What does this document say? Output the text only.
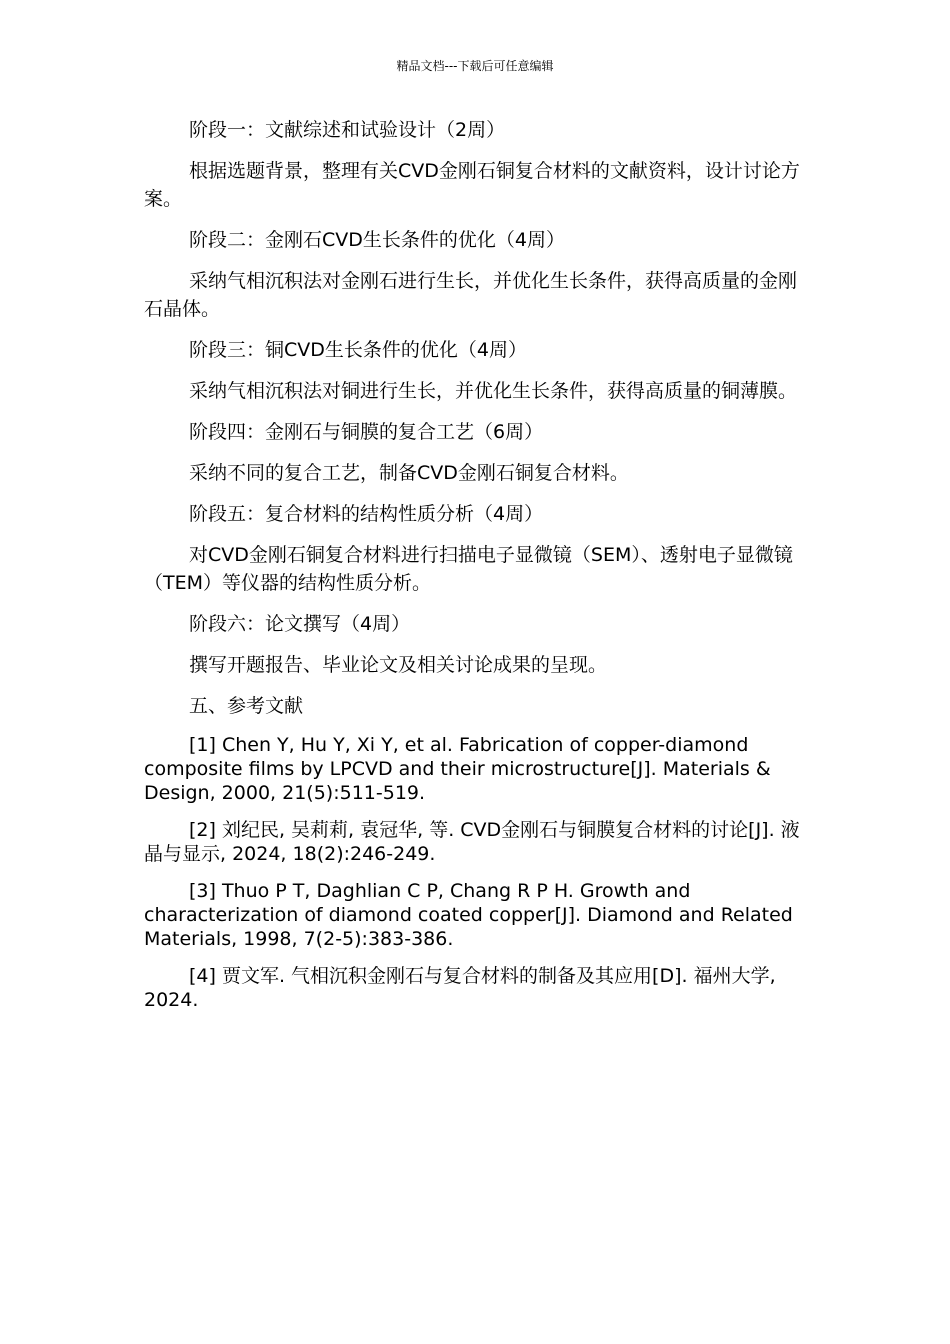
精品文档---下载后可任意编辑

阶段一：文献综述和试验设计（2周）

根据选题背景，整理有关CVD金刚石铜复合材料的文献资料，设计讨论方案。

阶段二：金刚石CVD生长条件的优化（4周）

采纳气相沉积法对金刚石进行生长，并优化生长条件，获得高质量的金刚石晶体。

阶段三：铜CVD生长条件的优化（4周）

采纳气相沉积法对铜进行生长，并优化生长条件，获得高质量的铜薄膜。

阶段四：金刚石与铜膜的复合工艺（6周）

采纳不同的复合工艺，制备CVD金刚石铜复合材料。

阶段五：复合材料的结构性质分析（4周）

对CVD金刚石铜复合材料进行扫描电子显微镜（SEM）、透射电子显微镜（TEM）等仪器的结构性质分析。

阶段六：论文撰写（4周）

撰写开题报告、毕业论文及相关讨论成果的呈现。

五、参考文献

[1] Chen Y, Hu Y, Xi Y, et al. Fabrication of copper-diamond composite films by LPCVD and their microstructure[J]. Materials & Design, 2000, 21(5):511-519.

[2] 刘纪民, 吴莉莉, 袁冠华, 等. CVD金刚石与铜膜复合材料的讨论[J]. 液晶与显示, 2024, 18(2):246-249.

[3] Thuo P T, Daghlian C P, Chang R P H. Growth and characterization of diamond coated copper[J]. Diamond and Related Materials, 1998, 7(2-5):383-386.

[4] 贾文军. 气相沉积金刚石与复合材料的制备及其应用[D]. 福州大学, 2024.
